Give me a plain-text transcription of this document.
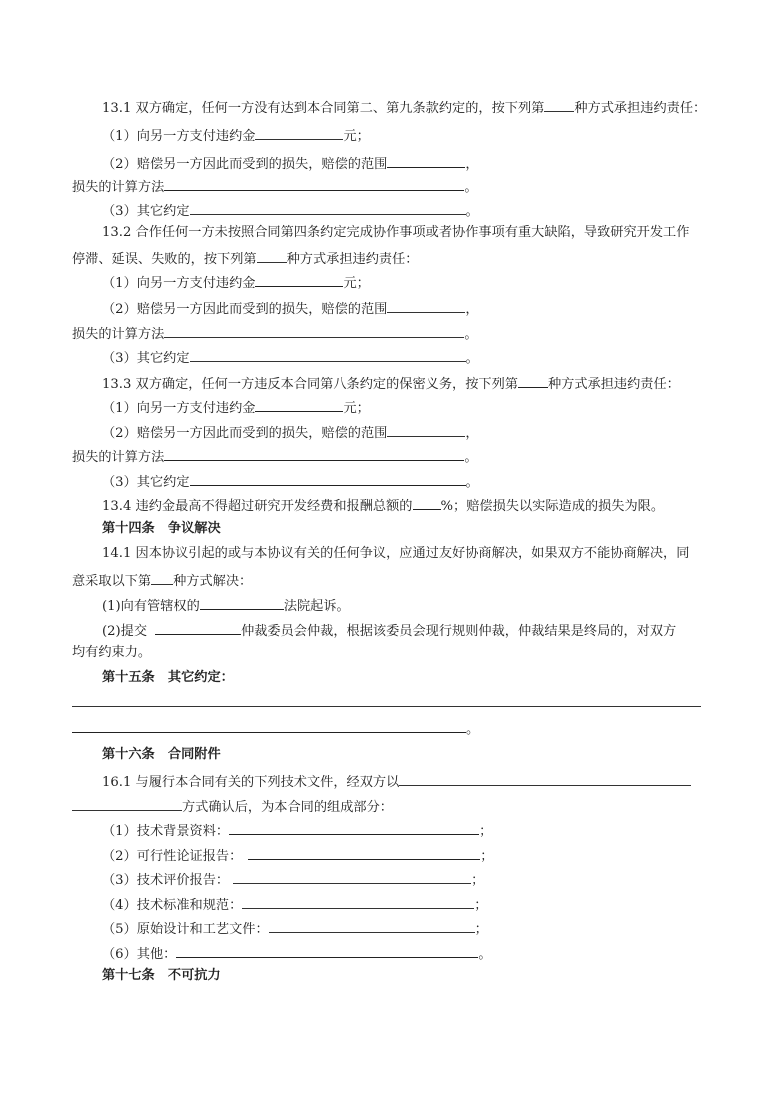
13.1 双方确定，任何一方没有达到本合同第二、第九条款约定的，按下列第 种方式承担违约责任：
（1）向另一方支付违约金	元；
（2）赔偿另一方因此而受到的损失，赔偿的范围	，
损失的计算方法	。
（3）其它约定	。
13.2 合作任何一方未按照合同第四条约定完成协作事项或者协作事项有重大缺陷，导致研究开发工作
停滞、延误、失败的，按下列第 种方式承担违约责任：
（1）向另一方支付违约金	元；
（2）赔偿另一方因此而受到的损失，赔偿的范围	，
损失的计算方法	。
（3）其它约定	。
13.3 双方确定，任何一方违反本合同第八条约定的保密义务，按下列第 种方式承担违约责任：
（1）向另一方支付违约金	元；
（2）赔偿另一方因此而受到的损失，赔偿的范围	，
损失的计算方法	。
（3）其它约定	。
13.4 违约金最高不得超过研究开发经费和报酬总额的 %；赔偿损失以实际造成的损失为限。
第十四条　争议解决
14.1 因本协议引起的或与本协议有关的任何争议，应通过友好协商解决，如果双方不能协商解决，同
意采取以下第 种方式解决：
(1)向有管辖权的	法院起诉。
(2)提交	仲裁委员会仲裁，根据该委员会现行规则仲裁，仲裁结果是终局的，对双方
均有约束力。
第十五条　其它约定：
。
第十六条　合同附件
16.1 与履行本合同有关的下列技术文件，经双方以
方式确认后，为本合同的组成部分：
（1）技术背景资料：	；
（2）可行性论证报告：	；
（3）技术评价报告：	；
（4）技术标准和规范：	；
（5）原始设计和工艺文件：	；
（6）其他：	。
第十七条　不可抗力
